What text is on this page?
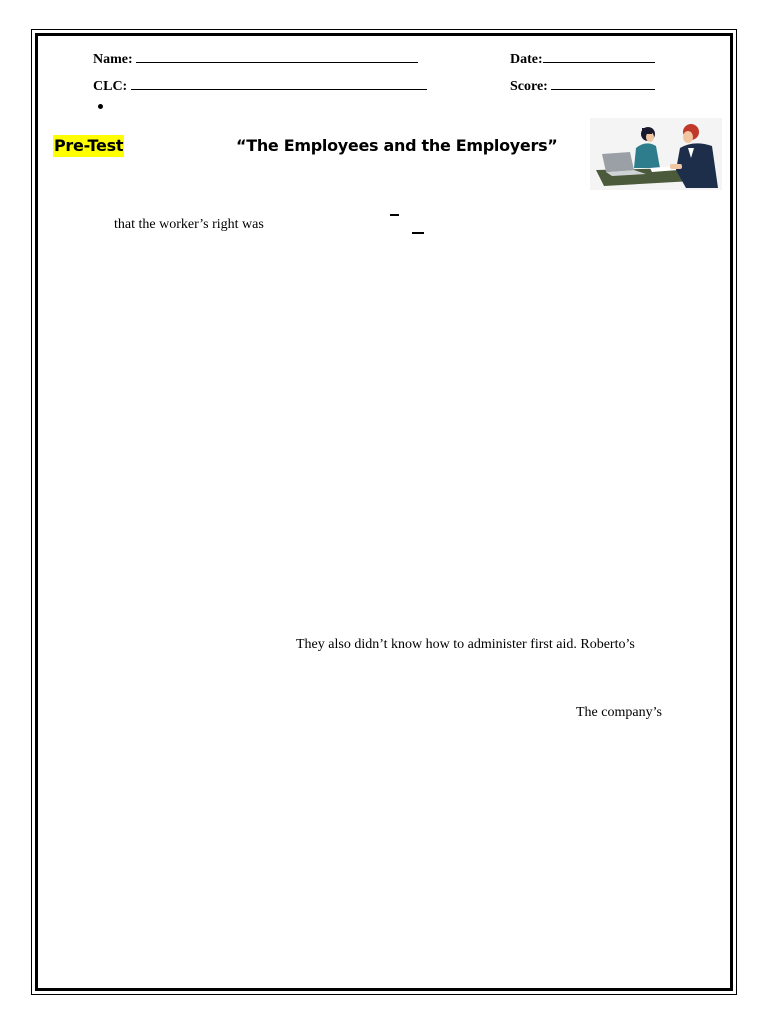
Name:	Date:
CLC:	Score:
Pre-Test	“The Employees and the Employers”
that the worker’s right was
They also didn’t know how to administer first aid. Roberto’s
The company’s
